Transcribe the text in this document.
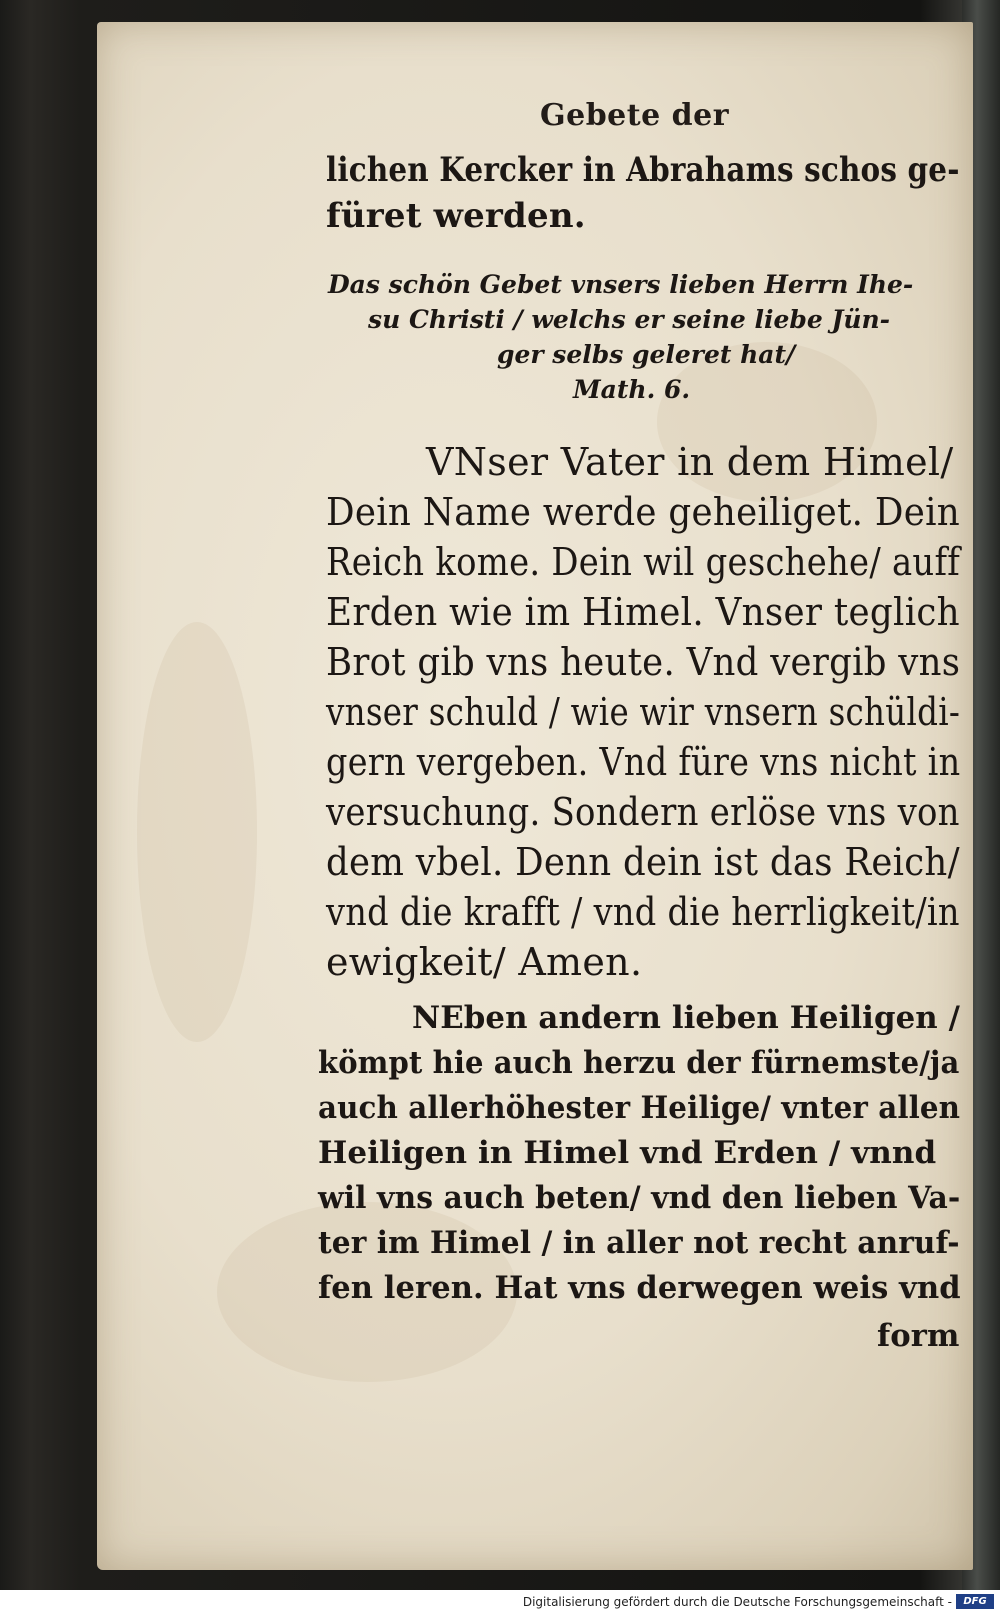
Gebete der
lichen Kercker in Abrahams schos ge-
füret werden.
Das schön Gebet vnsers lieben Herrn Ihe-
su Christi / welchs er seine liebe Jün-
ger selbs geleret hat/
Math. 6.
VNser Vater in dem Himel/
Dein Name werde geheiliget. Dein
Reich kome. Dein wil geschehe/ auff
Erden wie im Himel. Vnser teglich
Brot gib vns heute. Vnd vergib vns
vnser schuld / wie wir vnsern schüldi-
gern vergeben. Vnd füre vns nicht in
versuchung. Sondern erlöse vns von
dem vbel. Denn dein ist das Reich/
vnd die krafft / vnd die herrligkeit/in
ewigkeit/ Amen.
NEben andern lieben Heiligen /
kömpt hie auch herzu der fürnemste/ja
auch allerhöhester Heilige/ vnter allen
Heiligen in Himel vnd Erden / vnnd
wil vns auch beten/ vnd den lieben Va-
ter im Himel / in aller not recht anruf-
fen leren. Hat vns derwegen weis vnd
form
Digitalisierung gefördert durch die Deutsche Forschungsgemeinschaft -	DFG
